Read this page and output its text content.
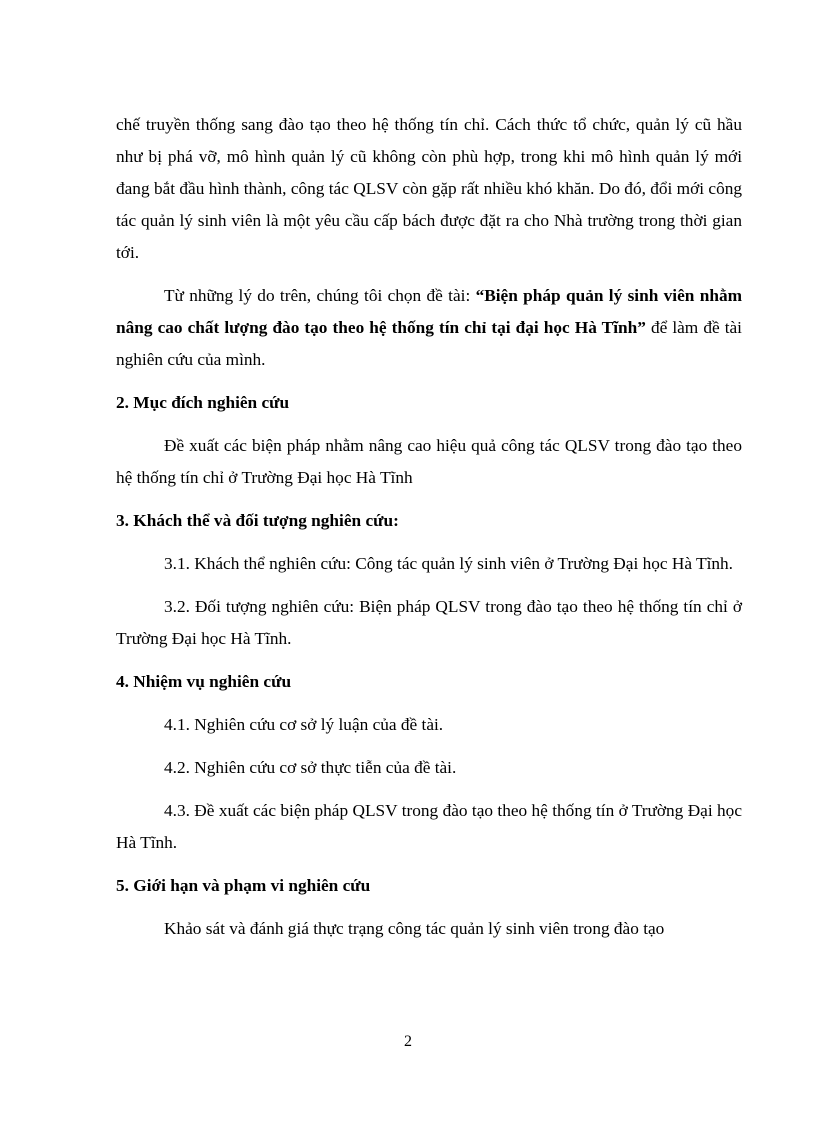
chế truyền thống sang đào tạo theo hệ thống tín chỉ. Cách thức tổ chức, quản lý cũ hầu như bị phá vỡ, mô hình quản lý cũ không còn phù hợp, trong khi mô hình quản lý mới đang bắt đầu hình thành, công tác QLSV còn gặp rất nhiều khó khăn. Do đó, đổi mới công tác quản lý sinh viên là một yêu cầu cấp bách được đặt ra cho Nhà trường trong thời gian tới.

Từ những lý do trên, chúng tôi chọn đề tài: “Biện pháp quản lý sinh viên nhằm nâng cao chất lượng đào tạo theo hệ thống tín chỉ tại đại học Hà Tĩnh” để làm đề tài nghiên cứu của mình.

2. Mục đích nghiên cứu

Đề xuất các biện pháp nhằm nâng cao hiệu quả công tác QLSV trong đào tạo theo hệ thống tín chỉ ở Trường Đại học Hà Tĩnh

3. Khách thể và đối tượng nghiên cứu:

3.1. Khách thể nghiên cứu: Công tác quản lý sinh viên ở Trường Đại học Hà Tĩnh.

3.2. Đối tượng nghiên cứu: Biện pháp QLSV trong đào tạo theo hệ thống tín chỉ ở Trường Đại học Hà Tĩnh.

4. Nhiệm vụ nghiên cứu

4.1. Nghiên cứu cơ sở lý luận của đề tài.

4.2. Nghiên cứu cơ sở thực tiễn của đề tài.

4.3. Đề xuất các biện pháp QLSV trong đào tạo theo hệ thống tín ở Trường Đại học Hà Tĩnh.

5. Giới hạn và phạm vi nghiên cứu

Khảo sát và đánh giá thực trạng công tác quản lý sinh viên trong đào tạo

2
